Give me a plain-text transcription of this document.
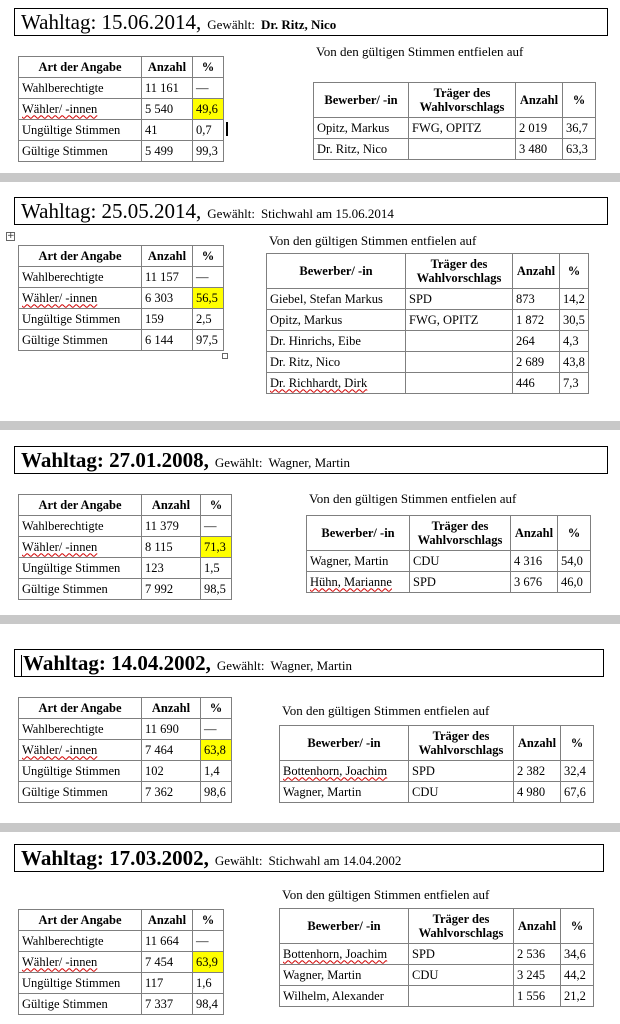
Wahltag: 15.06.2014, Gewählt: Dr. Ritz, Nico
Art der Angabe	Anzahl	%
Wahlberechtigte	11 161	—
Wähler/ -innen	5 540	49,6
Ungültige Stimmen	41	0,7
Gültige Stimmen	5 499	99,3
Von den gültigen Stimmen entfielen auf
Bewerber/ -in	Träger des Wahlvorschlags	Anzahl	%
Opitz, Markus	FWG, OPITZ	2 019	36,7
Dr. Ritz, Nico		3 480	63,3
Wahltag: 25.05.2014, Gewählt: Stichwahl am 15.06.2014
+
Art der Angabe	Anzahl	%
Wahlberechtigte	11 157	—
Wähler/ -innen	6 303	56,5
Ungültige Stimmen	159	2,5
Gültige Stimmen	6 144	97,5
Von den gültigen Stimmen entfielen auf
Bewerber/ -in	Träger des Wahlvorschlags	Anzahl	%
Giebel, Stefan Markus	SPD	873	14,2
Opitz, Markus	FWG, OPITZ	1 872	30,5
Dr. Hinrichs, Eibe		264	4,3
Dr. Ritz, Nico		2 689	43,8
Dr. Richhardt, Dirk		446	7,3
Wahltag: 27.01.2008, Gewählt: Wagner, Martin
Art der Angabe	Anzahl	%
Wahlberechtigte	11 379	—
Wähler/ -innen	8 115	71,3
Ungültige Stimmen	123	1,5
Gültige Stimmen	7 992	98,5
Von den gültigen Stimmen entfielen auf
Bewerber/ -in	Träger des Wahlvorschlags	Anzahl	%
Wagner, Martin	CDU	4 316	54,0
Hühn, Marianne	SPD	3 676	46,0
Wahltag: 14.04.2002, Gewählt: Wagner, Martin
Art der Angabe	Anzahl	%
Wahlberechtigte	11 690	—
Wähler/ -innen	7 464	63,8
Ungültige Stimmen	102	1,4
Gültige Stimmen	7 362	98,6
Von den gültigen Stimmen entfielen auf
Bewerber/ -in	Träger des Wahlvorschlags	Anzahl	%
Bottenhorn, Joachim	SPD	2 382	32,4
Wagner, Martin	CDU	4 980	67,6
Wahltag: 17.03.2002, Gewählt: Stichwahl am 14.04.2002
Art der Angabe	Anzahl	%
Wahlberechtigte	11 664	—
Wähler/ -innen	7 454	63,9
Ungültige Stimmen	117	1,6
Gültige Stimmen	7 337	98,4
Von den gültigen Stimmen entfielen auf
Bewerber/ -in	Träger des Wahlvorschlags	Anzahl	%
Bottenhorn, Joachim	SPD	2 536	34,6
Wagner, Martin	CDU	3 245	44,2
Wilhelm, Alexander		1 556	21,2
